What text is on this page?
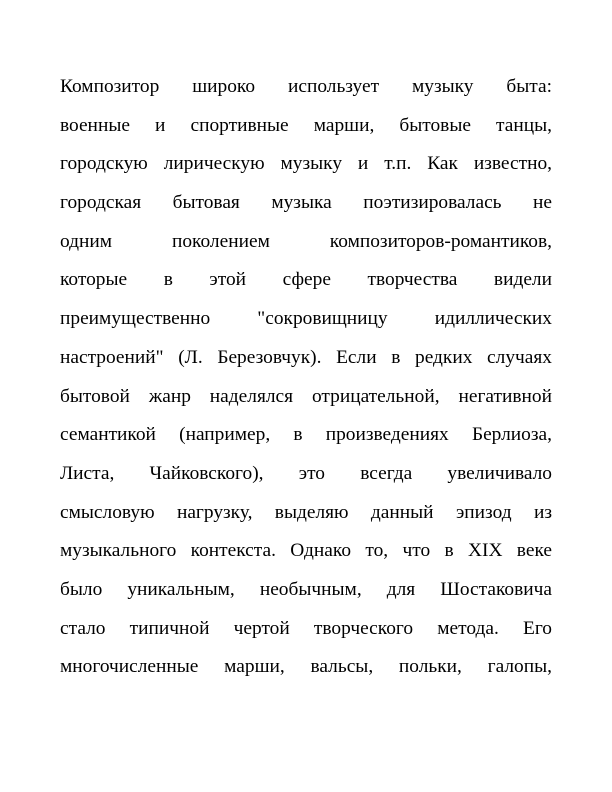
Композитор широко использует музыку быта:
военные и спортивные марши, бытовые танцы,
городскую лирическую музыку и т.п. Как известно,
городская бытовая музыка поэтизировалась не
одним поколением композиторов-романтиков,
которые в этой сфере творчества видели
преимущественно "сокровищницу идиллических
настроений" (Л. Березовчук). Если в редких случаях
бытовой жанр наделялся отрицательной, негативной
семантикой (например, в произведениях Берлиоза,
Листа, Чайковского), это всегда увеличивало
смысловую нагрузку, выделяю данный эпизод из
музыкального контекста. Однако то, что в XIX веке
было уникальным, необычным, для Шостаковича
стало типичной чертой творческого метода. Его
многочисленные марши, вальсы, польки, галопы,
